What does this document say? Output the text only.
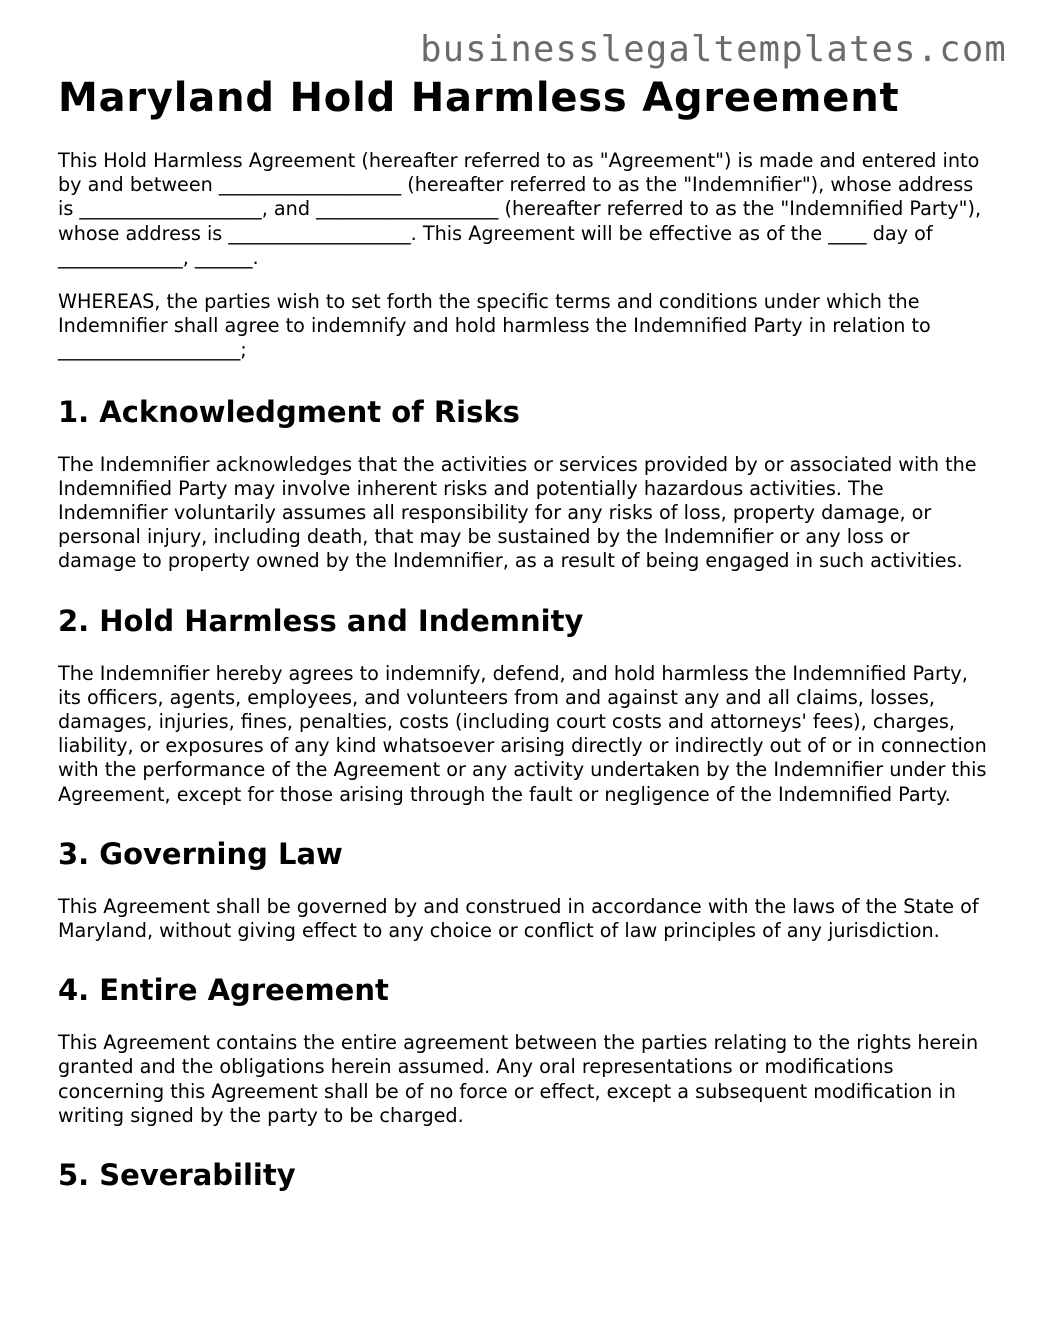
businesslegaltemplates.com
Maryland Hold Harmless Agreement

This Hold Harmless Agreement (hereafter referred to as "Agreement") is made and entered into by and between ___________________ (hereafter referred to as the "Indemnifier"), whose address is ___________________, and ___________________ (hereafter referred to as the "Indemnified Party"), whose address is ___________________. This Agreement will be effective as of the ____ day of _____________, ______.

WHEREAS, the parties wish to set forth the specific terms and conditions under which the Indemnifier shall agree to indemnify and hold harmless the Indemnified Party in relation to ___________________;

1. Acknowledgment of Risks

The Indemnifier acknowledges that the activities or services provided by or associated with the Indemnified Party may involve inherent risks and potentially hazardous activities. The Indemnifier voluntarily assumes all responsibility for any risks of loss, property damage, or personal injury, including death, that may be sustained by the Indemnifier or any loss or damage to property owned by the Indemnifier, as a result of being engaged in such activities.

2. Hold Harmless and Indemnity

The Indemnifier hereby agrees to indemnify, defend, and hold harmless the Indemnified Party, its officers, agents, employees, and volunteers from and against any and all claims, losses, damages, injuries, fines, penalties, costs (including court costs and attorneys' fees), charges, liability, or exposures of any kind whatsoever arising directly or indirectly out of or in connection with the performance of the Agreement or any activity undertaken by the Indemnifier under this Agreement, except for those arising through the fault or negligence of the Indemnified Party.

3. Governing Law

This Agreement shall be governed by and construed in accordance with the laws of the State of Maryland, without giving effect to any choice or conflict of law principles of any jurisdiction.

4. Entire Agreement

This Agreement contains the entire agreement between the parties relating to the rights herein granted and the obligations herein assumed. Any oral representations or modifications concerning this Agreement shall be of no force or effect, except a subsequent modification in writing signed by the party to be charged.

5. Severability
